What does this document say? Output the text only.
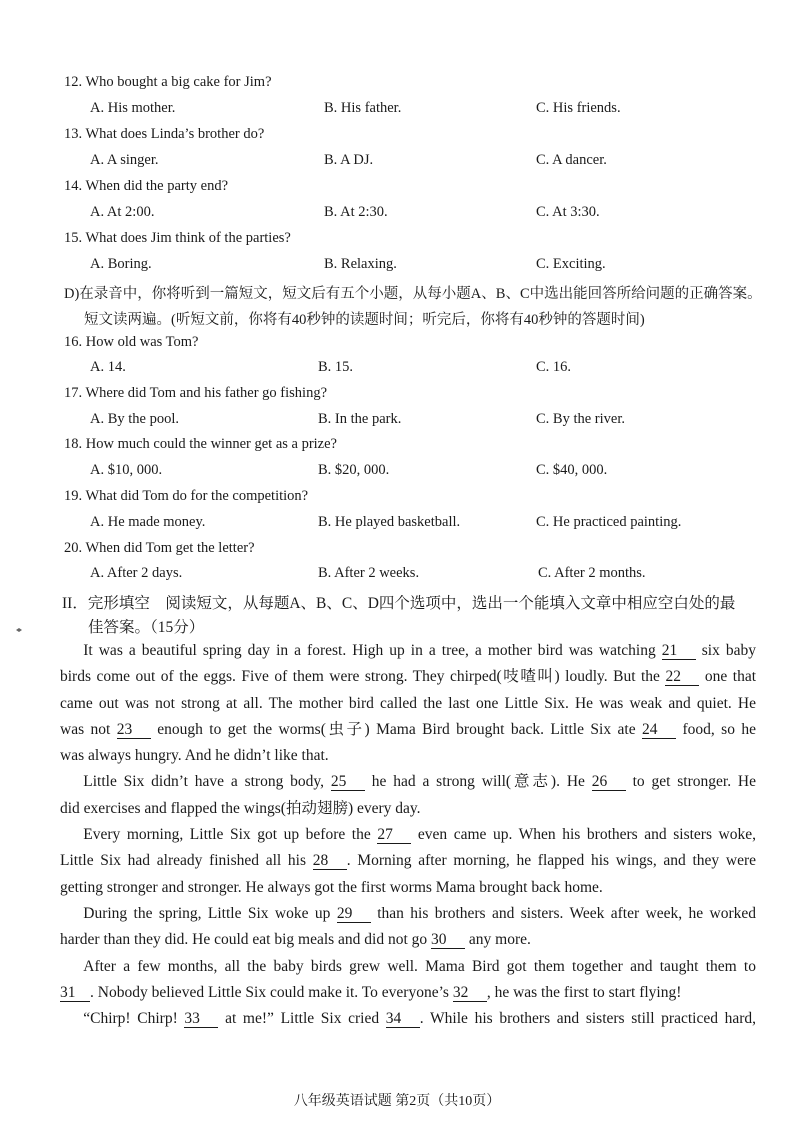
12. Who bought a big cake for Jim?
A. His mother.	B. His father.	C. His friends.
13. What does Linda’s brother do?
A. A singer.	B. A DJ.	C. A dancer.
14. When did the party end?
A. At 2:00.	B. At 2:30.	C. At 3:30.
15. What does Jim think of the parties?
A. Boring.	B. Relaxing.	C. Exciting.
D)在录音中，你将听到一篇短文，短文后有五个小题，从每小题A、B、C中选出能回答所给问题的正确答案。
短文读两遍。(听短文前，你将有40秒钟的读题时间；听完后，你将有40秒钟的答题时间)
16. How old was Tom?
A. 14.	B. 15.	C. 16.
17. Where did Tom and his father go fishing?
A. By the pool.	B. In the park.	C. By the river.
18. How much could the winner get as a prize?
A. $10, 000.	B. $20, 000.	C. $40, 000.
19. What did Tom do for the competition?
A. He made money.	B. He played basketball.	C. He practiced painting.
20. When did Tom get the letter?
A. After 2 days.	B. After 2 weeks.	C. After 2 months.
II．完形填空　阅读短文，从每题A、B、C、D四个选项中，选出一个能填入文章中相应空白处的最
佳答案。（15分）
  It was a beautiful spring day in a forest. High up in a tree, a mother bird was watching 21 six baby
birds come out of the eggs. Five of them were strong. They chirped(吱喳叫) loudly. But the 22 one that
came out was not strong at all. The mother bird called the last one Little Six. He was weak and quiet. He
was not 23 enough to get the worms(虫子) Mama Bird brought back. Little Six ate 24 food, so he
was always hungry. And he didn’t like that.
  Little Six didn’t have a strong body, 25 he had a strong will(意志). He 26 to get stronger. He
did exercises and flapped the wings(拍动翅膀) every day.
  Every morning, Little Six got up before the 27 even came up. When his brothers and sisters woke,
Little Six had already finished all his 28 . Morning after morning, he flapped his wings, and they were
getting stronger and stronger. He always got the first worms Mama brought back home.
  During the spring, Little Six woke up 29 than his brothers and sisters. Week after week, he worked
harder than they did. He could eat big meals and did not go 30 any more.
  After a few months, all the baby birds grew well. Mama Bird got them together and taught them to
31 . Nobody believed Little Six could make it. To everyone’s 32 , he was the first to start flying!
  “Chirp! Chirp! 33 at me!” Little Six cried 34 . While his brothers and sisters still practiced hard,
八年级英语试题 第2页（共10页）
